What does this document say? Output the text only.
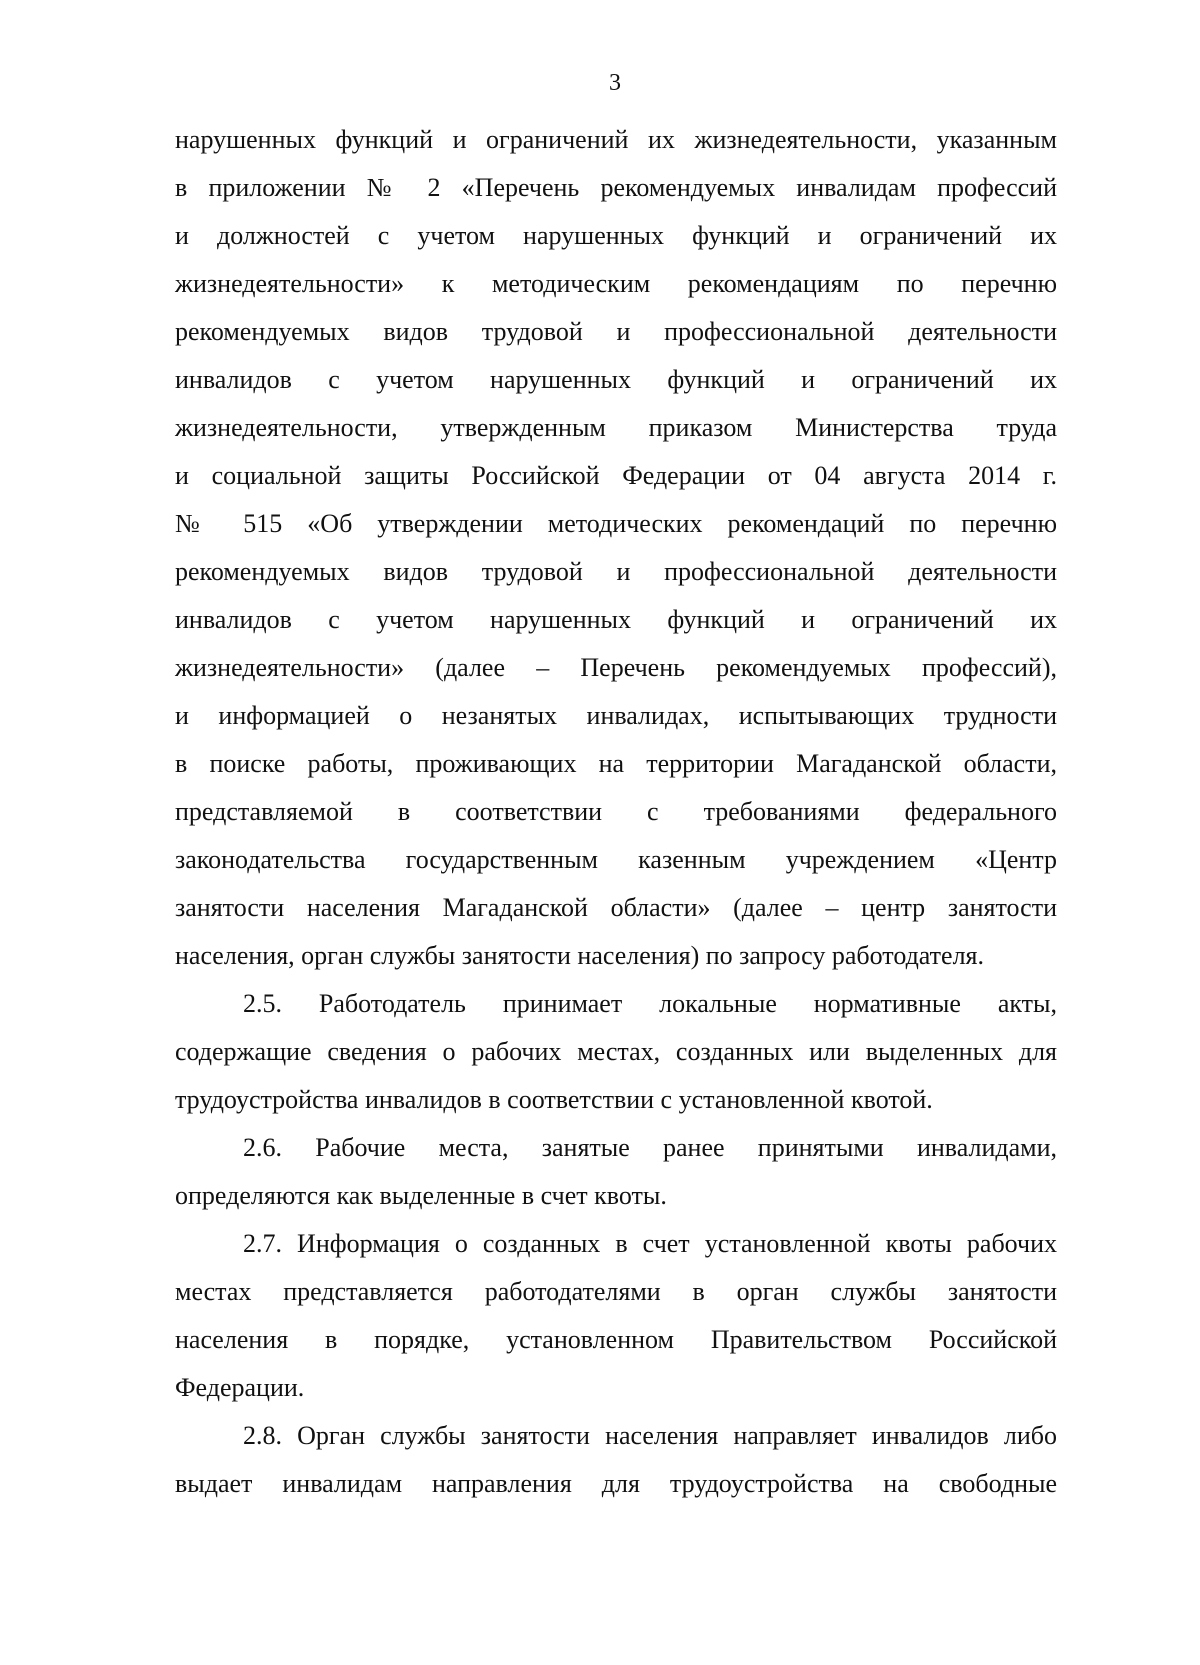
3
нарушенных функций и ограничений их жизнедеятельности, указанным
в приложении № 2 «Перечень рекомендуемых инвалидам профессий
и должностей с учетом нарушенных функций и ограничений их
жизнедеятельности» к методическим рекомендациям по перечню
рекомендуемых видов трудовой и профессиональной деятельности
инвалидов с учетом нарушенных функций и ограничений их
жизнедеятельности, утвержденным приказом Министерства труда
и социальной защиты Российской Федерации от 04 августа 2014 г.
№ 515 «Об утверждении методических рекомендаций по перечню
рекомендуемых видов трудовой и профессиональной деятельности
инвалидов с учетом нарушенных функций и ограничений их
жизнедеятельности» (далее – Перечень рекомендуемых профессий),
и информацией о незанятых инвалидах, испытывающих трудности
в поиске работы, проживающих на территории Магаданской области,
представляемой в соответствии с требованиями федерального
законодательства государственным казенным учреждением «Центр
занятости населения Магаданской области» (далее – центр занятости
населения, орган службы занятости населения) по запросу работодателя.
2.5. Работодатель принимает локальные нормативные акты,
содержащие сведения о рабочих местах, созданных или выделенных для
трудоустройства инвалидов в соответствии с установленной квотой.
2.6. Рабочие места, занятые ранее принятыми инвалидами,
определяются как выделенные в счет квоты.
2.7. Информация о созданных в счет установленной квоты рабочих
местах представляется работодателями в орган службы занятости
населения в порядке, установленном Правительством Российской
Федерации.
2.8. Орган службы занятости населения направляет инвалидов либо
выдает инвалидам направления для трудоустройства на свободные
